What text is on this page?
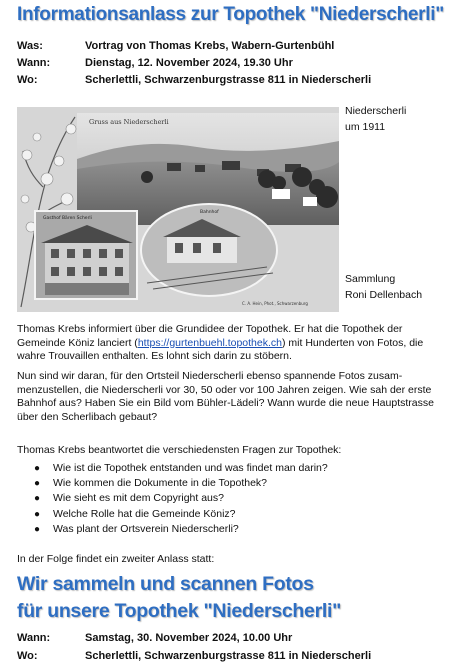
Informationsanlass zur Topothek "Niederscherli"
Was:	Vortrag von Thomas Krebs, Wabern-Gurtenbühl
Wann:	Dienstag, 12. November 2024, 19.30 Uhr
Wo:	Scherlettli, Schwarzenburgstrasse 811 in Niederscherli
Gruss aus Niederscherli
Gasthof Bären Scherli
Bahnhof
C. A. Hein, Phot., Schwarzenburg
Niederscherli
um 1911
Sammlung
Roni Dellenbach
Thomas Krebs informiert über die Grundidee der Topothek. Er hat die Topothek der Gemeinde Köniz lanciert (https://gurtenbuehl.topothek.ch) mit Hunderten von Fotos, die wahre Trouvaillen enthalten. Es lohnt sich darin zu stöbern.
Nun sind wir daran, für den Ortsteil Niederscherli ebenso spannende Fotos zusam-menzustellen, die Niederscherli vor 30, 50 oder vor 100 Jahren zeigen. Wie sah der erste Bahnhof aus? Haben Sie ein Bild vom Bühler-Lädeli? Wann wurde die neue Hauptstrasse über den Scherlibach gebaut?
Thomas Krebs beantwortet die verschiedensten Fragen zur Topothek:
● Wie ist die Topothek entstanden und was findet man darin?
● Wie kommen die Dokumente in die Topothek?
● Wie sieht es mit dem Copyright aus?
● Welche Rolle hat die Gemeinde Köniz?
● Was plant der Ortsverein Niederscherli?
In der Folge findet ein zweiter Anlass statt:
Wir sammeln und scannen Fotos
für unsere Topothek "Niederscherli"
Wann:	Samstag, 30. November 2024, 10.00 Uhr
Wo:	Scherlettli, Schwarzenburgstrasse 811 in Niederscherli
